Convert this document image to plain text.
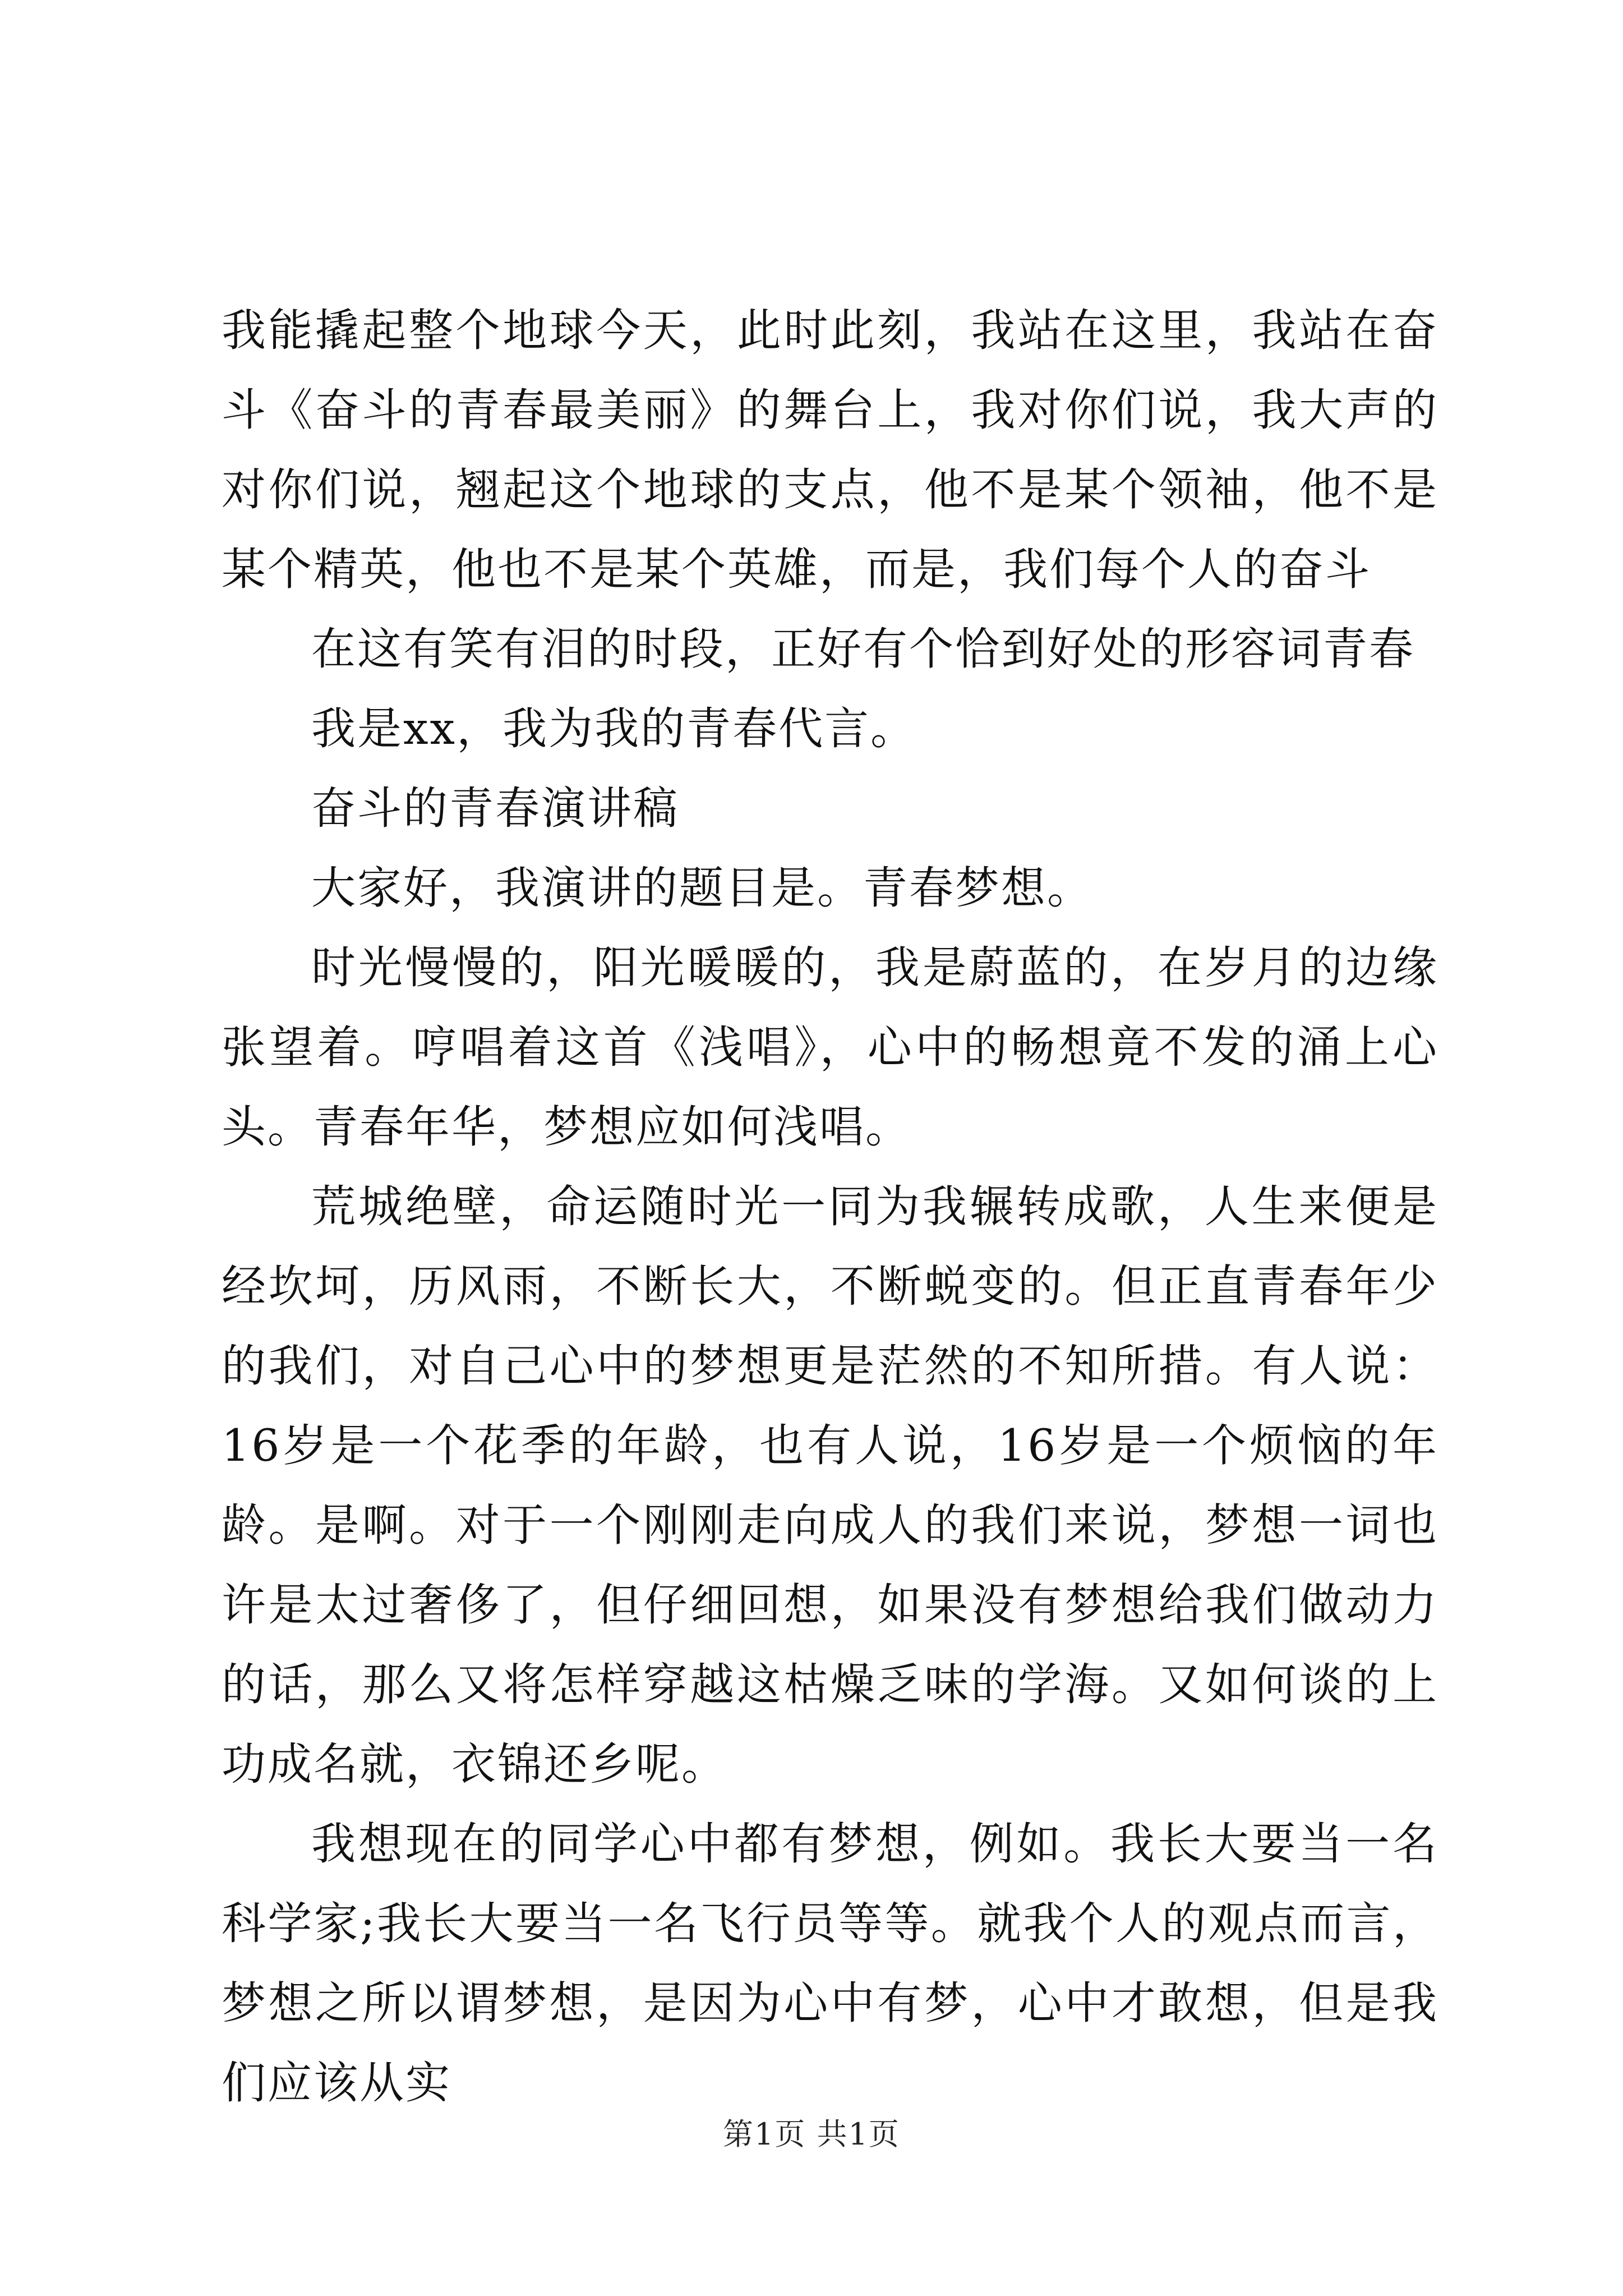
我能撬起整个地球今天，此时此刻，我站在这里，我站在奋斗《奋斗的青春最美丽》的舞台上，我对你们说，我大声的对你们说，翘起这个地球的支点，他不是某个领袖，他不是某个精英，他也不是某个英雄，而是，我们每个人的奋斗

在这有笑有泪的时段，正好有个恰到好处的形容词青春

我是xx，我为我的青春代言。

奋斗的青春演讲稿

大家好，我演讲的题目是。青春梦想。

时光慢慢的，阳光暖暖的，我是蔚蓝的，在岁月的边缘张望着。哼唱着这首《浅唱》，心中的畅想竟不发的涌上心头。青春年华，梦想应如何浅唱。

荒城绝壁，命运随时光一同为我辗转成歌，人生来便是经坎坷，历风雨，不断长大，不断蜕变的。但正直青春年少的我们，对自己心中的梦想更是茫然的不知所措。有人说：16岁是一个花季的年龄，也有人说，16岁是一个烦恼的年龄。是啊。对于一个刚刚走向成人的我们来说，梦想一词也许是太过奢侈了，但仔细回想，如果没有梦想给我们做动力的话，那么又将怎样穿越这枯燥乏味的学海。又如何谈的上功成名就，衣锦还乡呢。

我想现在的同学心中都有梦想，例如。我长大要当一名科学家;我长大要当一名飞行员等等。就我个人的观点而言，梦想之所以谓梦想，是因为心中有梦，心中才敢想，但是我们应该从实

第1页 共1页
